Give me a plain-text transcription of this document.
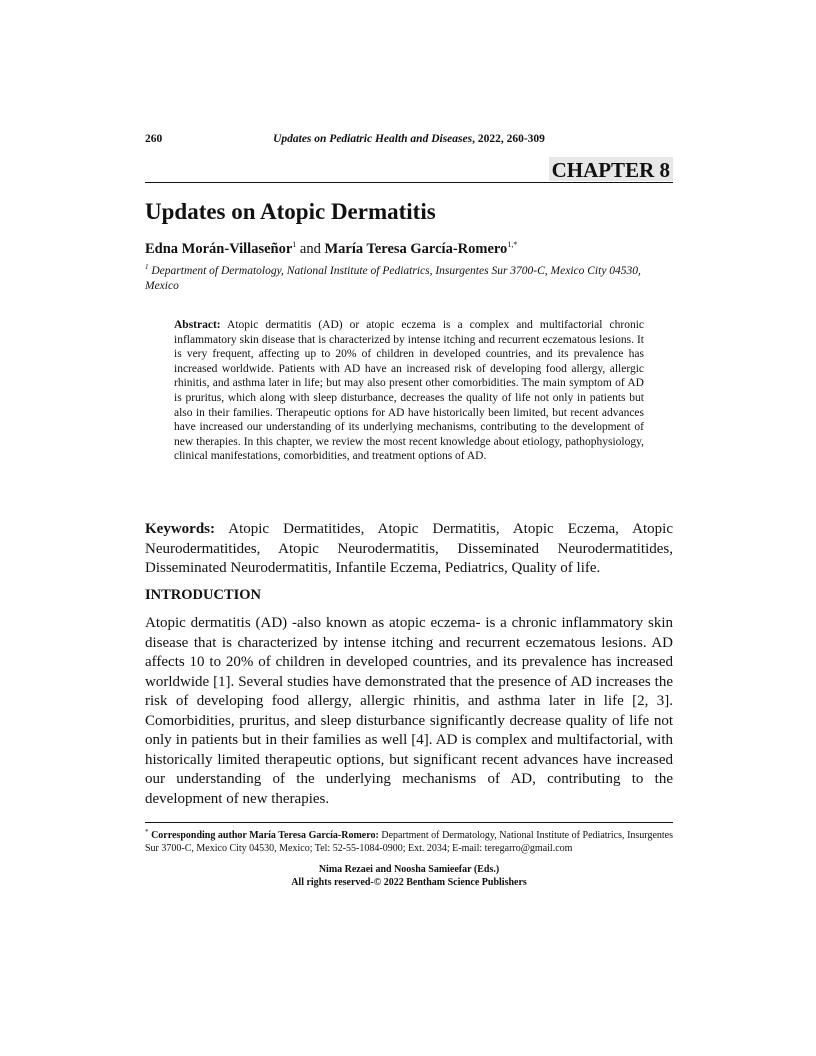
260	Updates on Pediatric Health and Diseases, 2022, 260-309
CHAPTER 8
Updates on Atopic Dermatitis
Edna Morán-Villaseñor$^1$ and María Teresa García-Romero$^{1,*}$
$^1$ Department of Dermatology, National Institute of Pediatrics, Insurgentes Sur 3700-C, Mexico City 04530, Mexico
Abstract: Atopic dermatitis (AD) or atopic eczema is a complex and multifactorial chronic inflammatory skin disease that is characterized by intense itching and recurrent eczematous lesions. It is very frequent, affecting up to 20% of children in developed countries, and its prevalence has increased worldwide. Patients with AD have an increased risk of developing food allergy, allergic rhinitis, and asthma later in life; but may also present other comorbidities. The main symptom of AD is pruritus, which along with sleep disturbance, decreases the quality of life not only in patients but also in their families. Therapeutic options for AD have historically been limited, but recent advances have increased our understanding of its underlying mechanisms, contributing to the development of new therapies. In this chapter, we review the most recent knowledge about etiology, pathophysiology, clinical manifestations, comorbidities, and treatment options of AD.
Keywords: Atopic Dermatitides, Atopic Dermatitis, Atopic Eczema, Atopic Neurodermatitides, Atopic Neurodermatitis, Disseminated Neurodermatitides, Disseminated Neurodermatitis, Infantile Eczema, Pediatrics, Quality of life.
INTRODUCTION
Atopic dermatitis (AD) -also known as atopic eczema- is a chronic inflammatory skin disease that is characterized by intense itching and recurrent eczematous lesions. AD affects 10 to 20% of children in developed countries, and its prevalence has increased worldwide [1]. Several studies have demonstrated that the presence of AD increases the risk of developing food allergy, allergic rhinitis, and asthma later in life [2, 3]. Comorbidities, pruritus, and sleep disturbance significantly decrease quality of life not only in patients but in their families as well [4]. AD is complex and multifactorial, with historically limited therapeutic options, but significant recent advances have increased our understanding of the underlying mechanisms of AD, contributing to the development of new therapies.
* Corresponding author María Teresa García-Romero: Department of Dermatology, National Institute of Pediatrics, Insurgentes Sur 3700-C, Mexico City 04530, Mexico; Tel: 52-55-1084-0900; Ext. 2034; E-mail: teregarro@gmail.com
Nima Rezaei and Noosha Samieefar (Eds.)
All rights reserved-© 2022 Bentham Science Publishers
